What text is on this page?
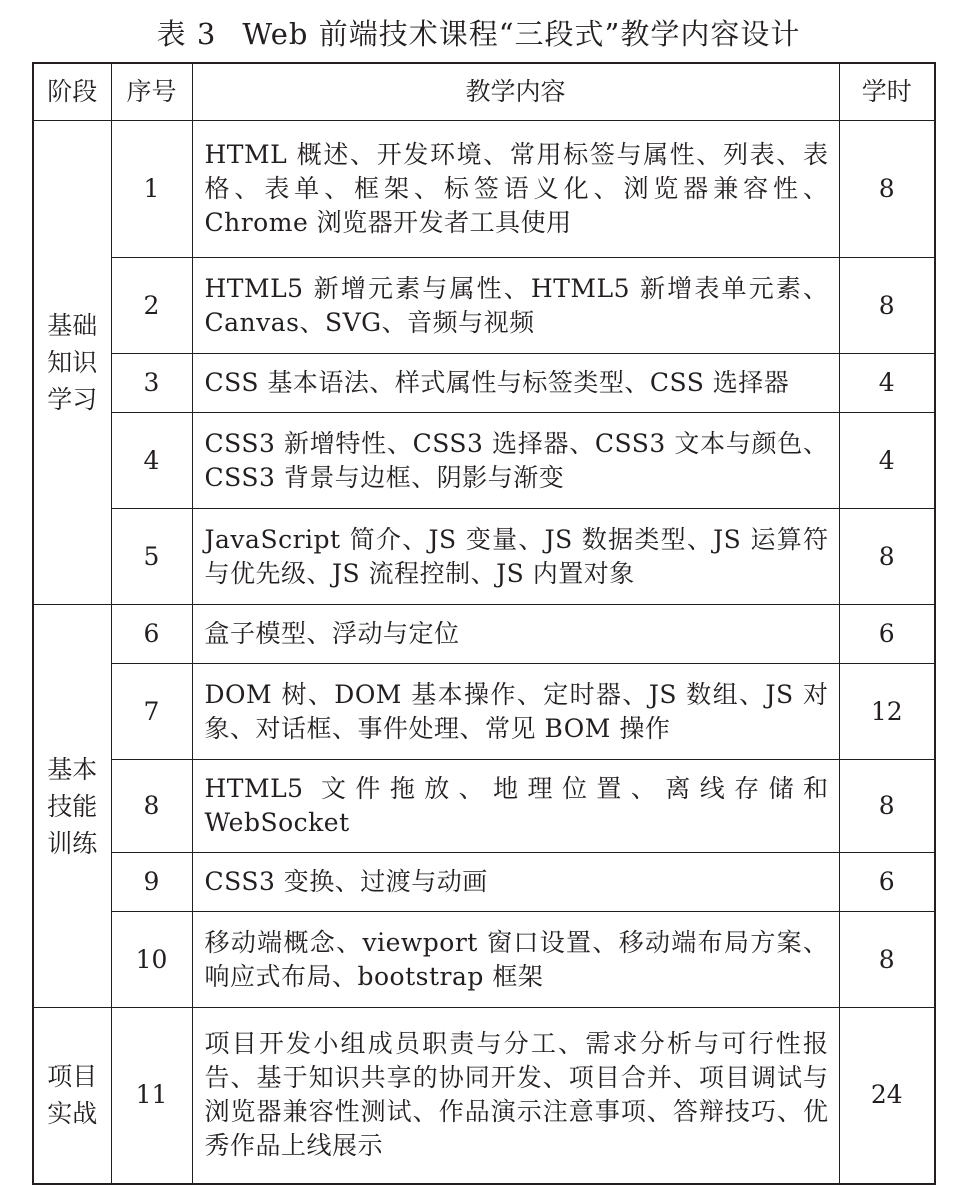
表 3 Web 前端技术课程“三段式”教学内容设计
阶段	序号	教学内容	学时
基础知识学习	1	HTML 概述、开发环境、常用标签与属性、列表、表格、表单、框架、标签语义化、浏览器兼容性、Chrome 浏览器开发者工具使用	8
	2	HTML5 新增元素与属性、HTML5 新增表单元素、Canvas、SVG、音频与视频	8
	3	CSS 基本语法、样式属性与标签类型、CSS 选择器	4
	4	CSS3 新增特性、CSS3 选择器、CSS3 文本与颜色、CSS3 背景与边框、阴影与渐变	4
	5	JavaScript 简介、JS 变量、JS 数据类型、JS 运算符与优先级、JS 流程控制、JS 内置对象	8
基本技能训练	6	盒子模型、浮动与定位	6
	7	DOM 树、DOM 基本操作、定时器、JS 数组、JS 对象、对话框、事件处理、常见 BOM 操作	12
	8	HTML5 文件拖放、地理位置、离线存储和 WebSocket	8
	9	CSS3 变换、过渡与动画	6
	10	移动端概念、viewport 窗口设置、移动端布局方案、响应式布局、bootstrap 框架	8
项目实战	11	项目开发小组成员职责与分工、需求分析与可行性报告、基于知识共享的协同开发、项目合并、项目调试与浏览器兼容性测试、作品演示注意事项、答辩技巧、优秀作品上线展示	24
